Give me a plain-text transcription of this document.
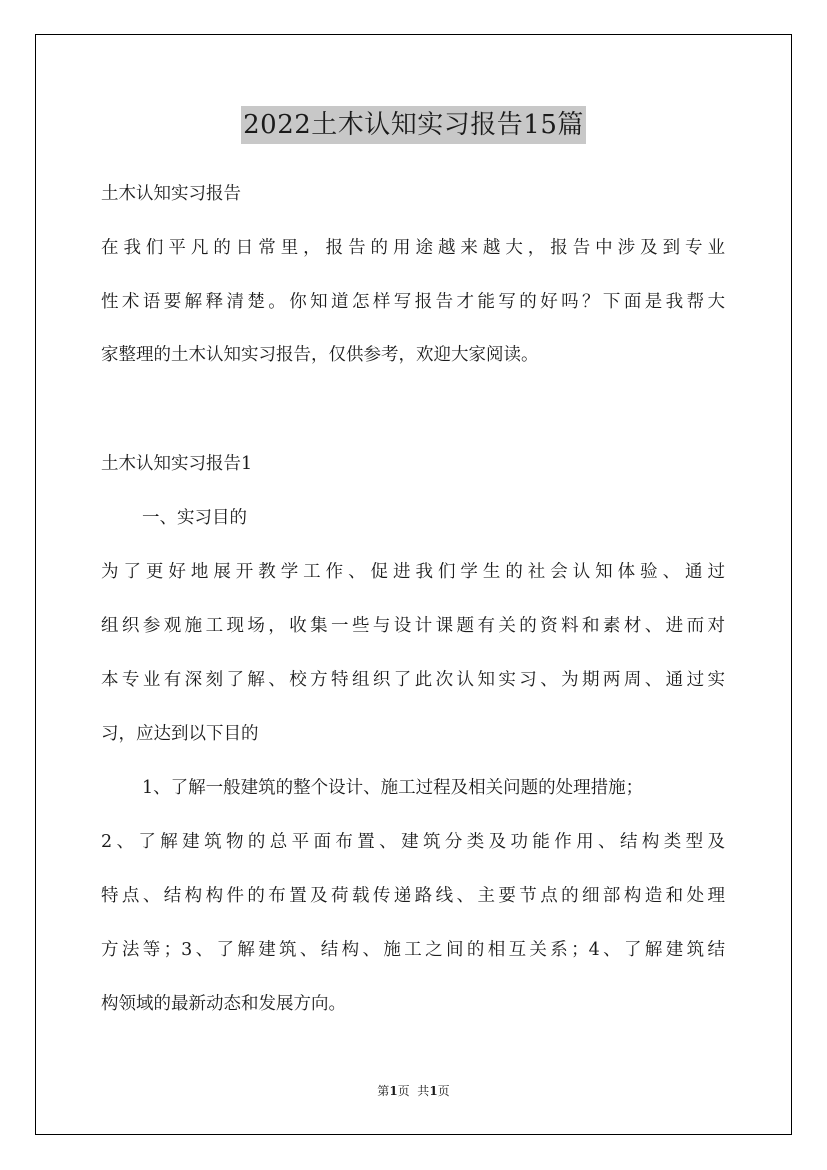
2022土木认知实习报告15篇

土木认知实习报告

在我们平凡的日常里，报告的用途越来越大，报告中涉及到专业

性术语要解释清楚。你知道怎样写报告才能写的好吗？下面是我帮大

家整理的土木认知实习报告，仅供参考，欢迎大家阅读。

土木认知实习报告1

一、实习目的

为了更好地展开教学工作、促进我们学生的社会认知体验、通过

组织参观施工现场，收集一些与设计课题有关的资料和素材、进而对

本专业有深刻了解、校方特组织了此次认知实习、为期两周、通过实

习，应达到以下目的

1、了解一般建筑的整个设计、施工过程及相关问题的处理措施；

2、了解建筑物的总平面布置、建筑分类及功能作用、结构类型及

特点、结构构件的布置及荷载传递路线、主要节点的细部构造和处理

方法等；3、了解建筑、结构、施工之间的相互关系；4、了解建筑结

构领域的最新动态和发展方向。

第1页  共1页
